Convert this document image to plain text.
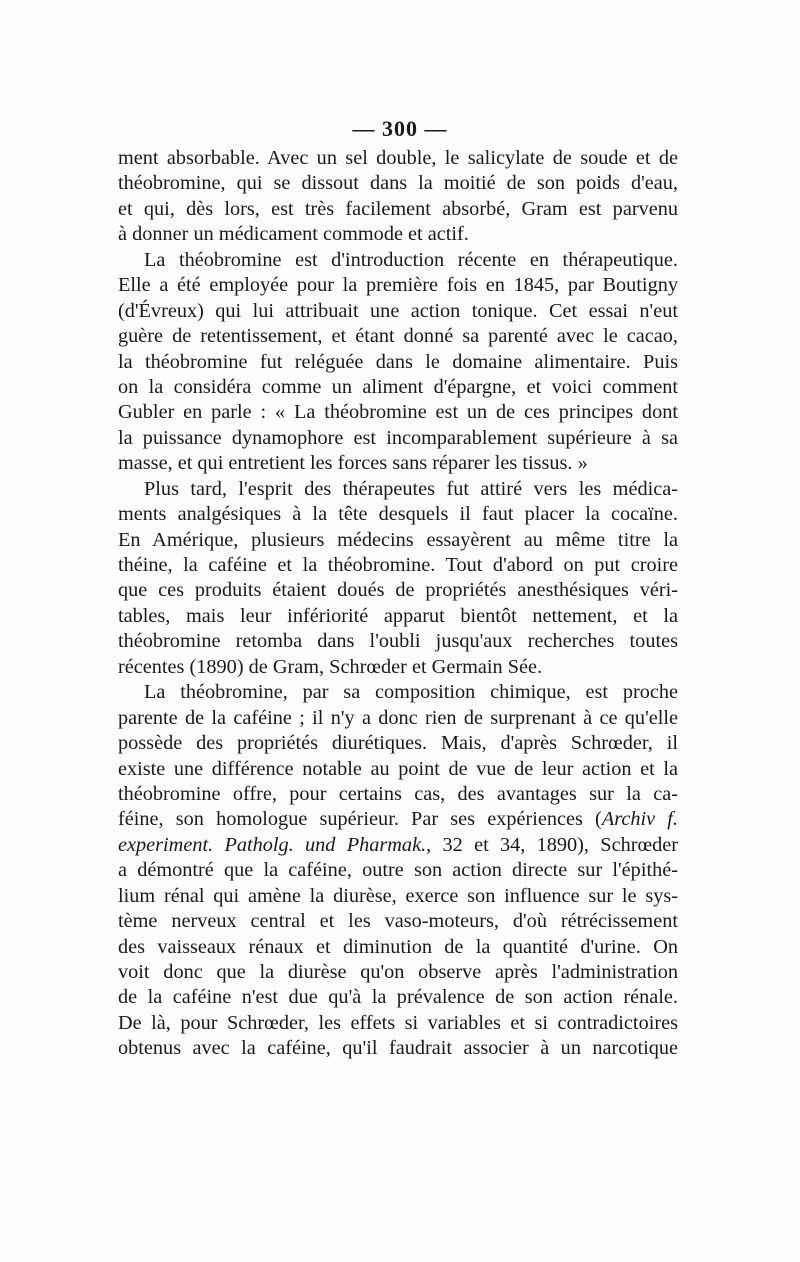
— 300 —
ment absorbable. Avec un sel double, le salicylate de soude et de
théobromine, qui se dissout dans la moitié de son poids d'eau,
et qui, dès lors, est très facilement absorbé, Gram est parvenu
à donner un médicament commode et actif.
La théobromine est d'introduction récente en thérapeutique.
Elle a été employée pour la première fois en 1845, par Boutigny
(d'Évreux) qui lui attribuait une action tonique. Cet essai n'eut
guère de retentissement, et étant donné sa parenté avec le cacao,
la théobromine fut reléguée dans le domaine alimentaire. Puis
on la considéra comme un aliment d'épargne, et voici comment
Gubler en parle : « La théobromine est un de ces principes dont
la puissance dynamophore est incomparablement supérieure à sa
masse, et qui entretient les forces sans réparer les tissus. »
Plus tard, l'esprit des thérapeutes fut attiré vers les médica-
ments analgésiques à la tête desquels il faut placer la cocaïne.
En Amérique, plusieurs médecins essayèrent au même titre la
théine, la caféine et la théobromine. Tout d'abord on put croire
que ces produits étaient doués de propriétés anesthésiques véri-
tables, mais leur infériorité apparut bientôt nettement, et la
théobromine retomba dans l'oubli jusqu'aux recherches toutes
récentes (1890) de Gram, Schrœder et Germain Sée.
La théobromine, par sa composition chimique, est proche
parente de la caféine ; il n'y a donc rien de surprenant à ce qu'elle
possède des propriétés diurétiques. Mais, d'après Schrœder, il
existe une différence notable au point de vue de leur action et la
théobromine offre, pour certains cas, des avantages sur la ca-
féine, son homologue supérieur. Par ses expériences (Archiv f.
experiment. Patholg. und Pharmak., 32 et 34, 1890), Schrœder
a démontré que la caféine, outre son action directe sur l'épithé-
lium rénal qui amène la diurèse, exerce son influence sur le sys-
tème nerveux central et les vaso-moteurs, d'où rétrécissement
des vaisseaux rénaux et diminution de la quantité d'urine. On
voit donc que la diurèse qu'on observe après l'administration
de la caféine n'est due qu'à la prévalence de son action rénale.
De là, pour Schrœder, les effets si variables et si contradictoires
obtenus avec la caféine, qu'il faudrait associer à un narcotique
